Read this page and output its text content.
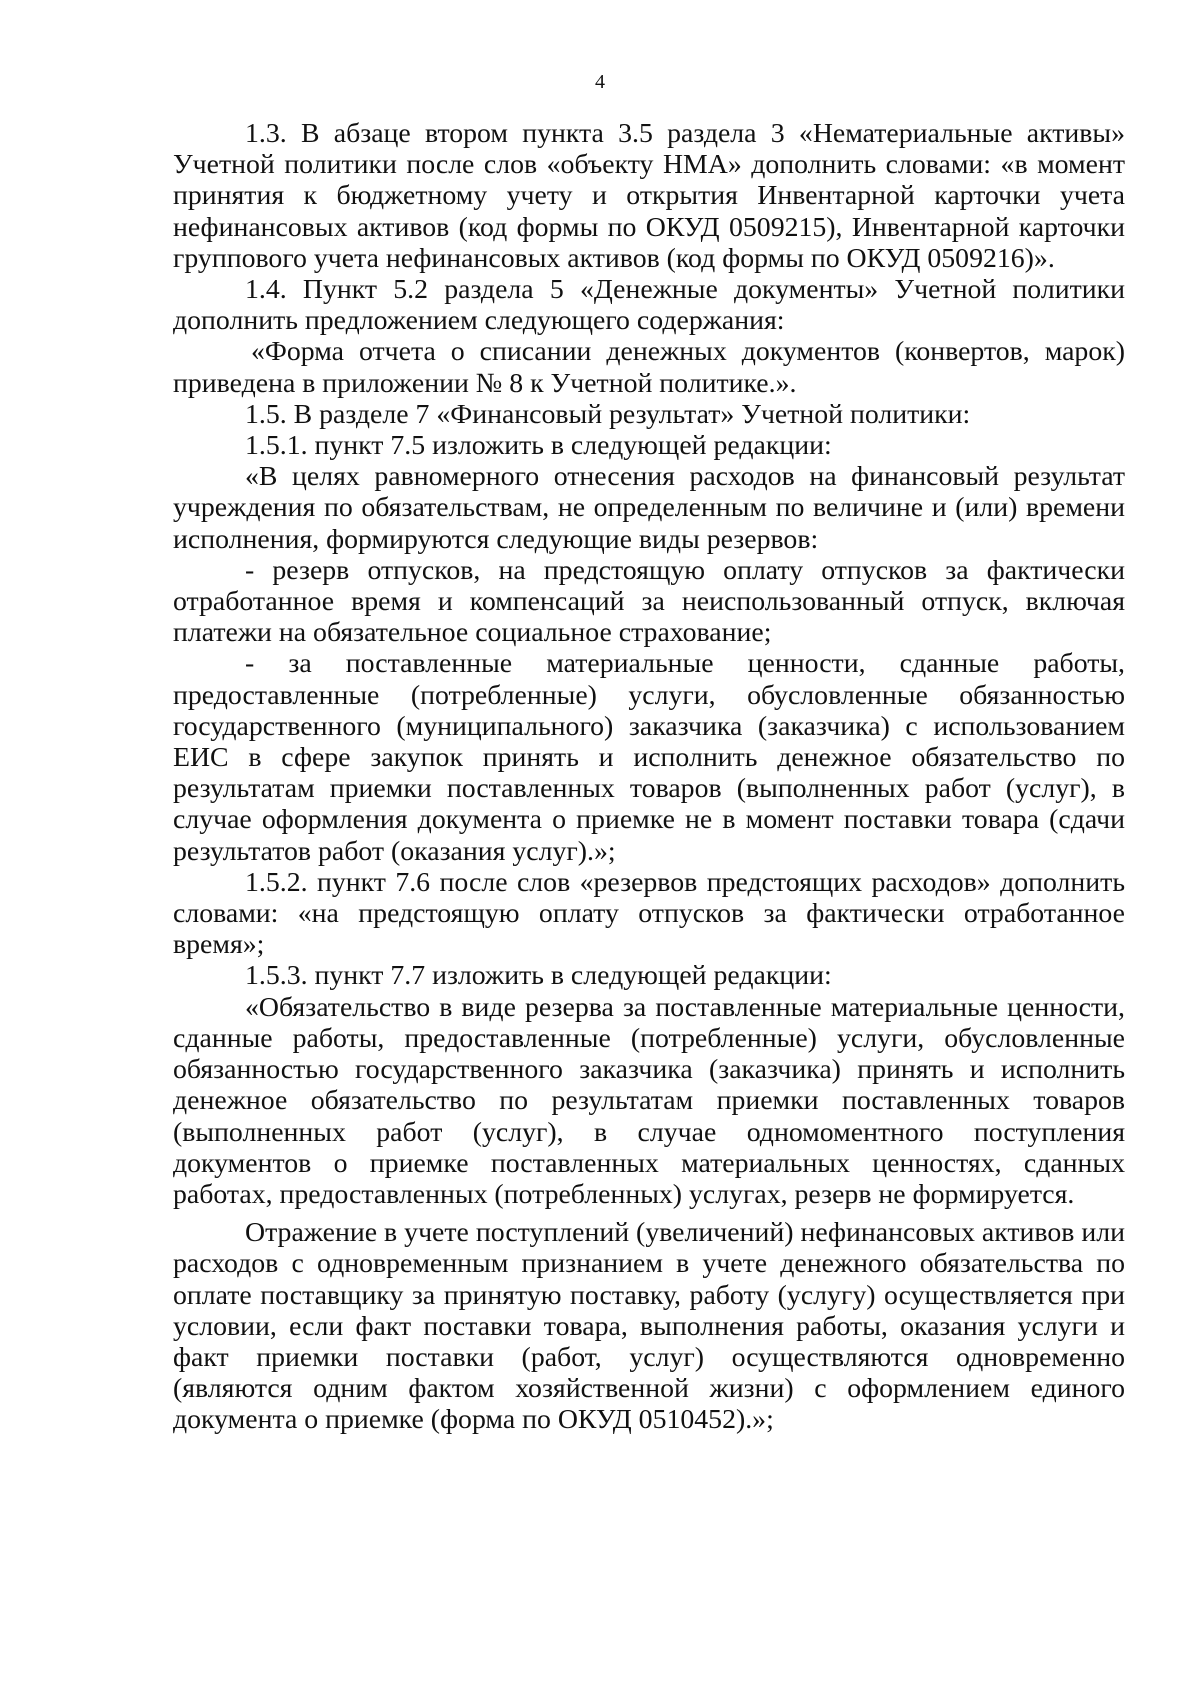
4

1.3. В абзаце втором пункта 3.5 раздела 3 «Нематериальные активы» Учетной политики после слов «объекту НМА» дополнить словами: «в момент принятия к бюджетному учету и открытия Инвентарной карточки учета нефинансовых активов (код формы по ОКУД 0509215), Инвентарной карточки группового учета нефинансовых активов (код формы по ОКУД 0509216)».

1.4. Пункт 5.2 раздела 5 «Денежные документы» Учетной политики дополнить предложением следующего содержания:

«Форма отчета о списании денежных документов (конвертов, марок) приведена в приложении № 8 к Учетной политике.».

1.5. В разделе 7 «Финансовый результат» Учетной политики:

1.5.1. пункт 7.5 изложить в следующей редакции:

«В целях равномерного отнесения расходов на финансовый результат учреждения по обязательствам, не определенным по величине и (или) времени исполнения, формируются следующие виды резервов:

- резерв отпусков, на предстоящую оплату отпусков за фактически отработанное время и компенсаций за неиспользованный отпуск, включая платежи на обязательное социальное страхование;

- за поставленные материальные ценности, сданные работы, предоставленные (потребленные) услуги, обусловленные обязанностью государственного (муниципального) заказчика (заказчика) с использованием ЕИС в сфере закупок принять и исполнить денежное обязательство по результатам приемки поставленных товаров (выполненных работ (услуг), в случае оформления документа о приемке не в момент поставки товара (сдачи результатов работ (оказания услуг).»;

1.5.2. пункт 7.6 после слов «резервов предстоящих расходов» дополнить словами: «на предстоящую оплату отпусков за фактически отработанное время»;

1.5.3. пункт 7.7 изложить в следующей редакции:

«Обязательство в виде резерва за поставленные материальные ценности, сданные работы, предоставленные (потребленные) услуги, обусловленные обязанностью государственного заказчика (заказчика) принять и исполнить денежное обязательство по результатам приемки поставленных товаров (выполненных работ (услуг), в случае одномоментного поступления документов о приемке поставленных материальных ценностях, сданных работах, предоставленных (потребленных) услугах, резерв не формируется.

Отражение в учете поступлений (увеличений) нефинансовых активов или расходов с одновременным признанием в учете денежного обязательства по оплате поставщику за принятую поставку, работу (услугу) осуществляется при условии, если факт поставки товара, выполнения работы, оказания услуги и факт приемки поставки (работ, услуг) осуществляются одновременно (являются одним фактом хозяйственной жизни) с оформлением единого документа о приемке (форма по ОКУД 0510452).»;
